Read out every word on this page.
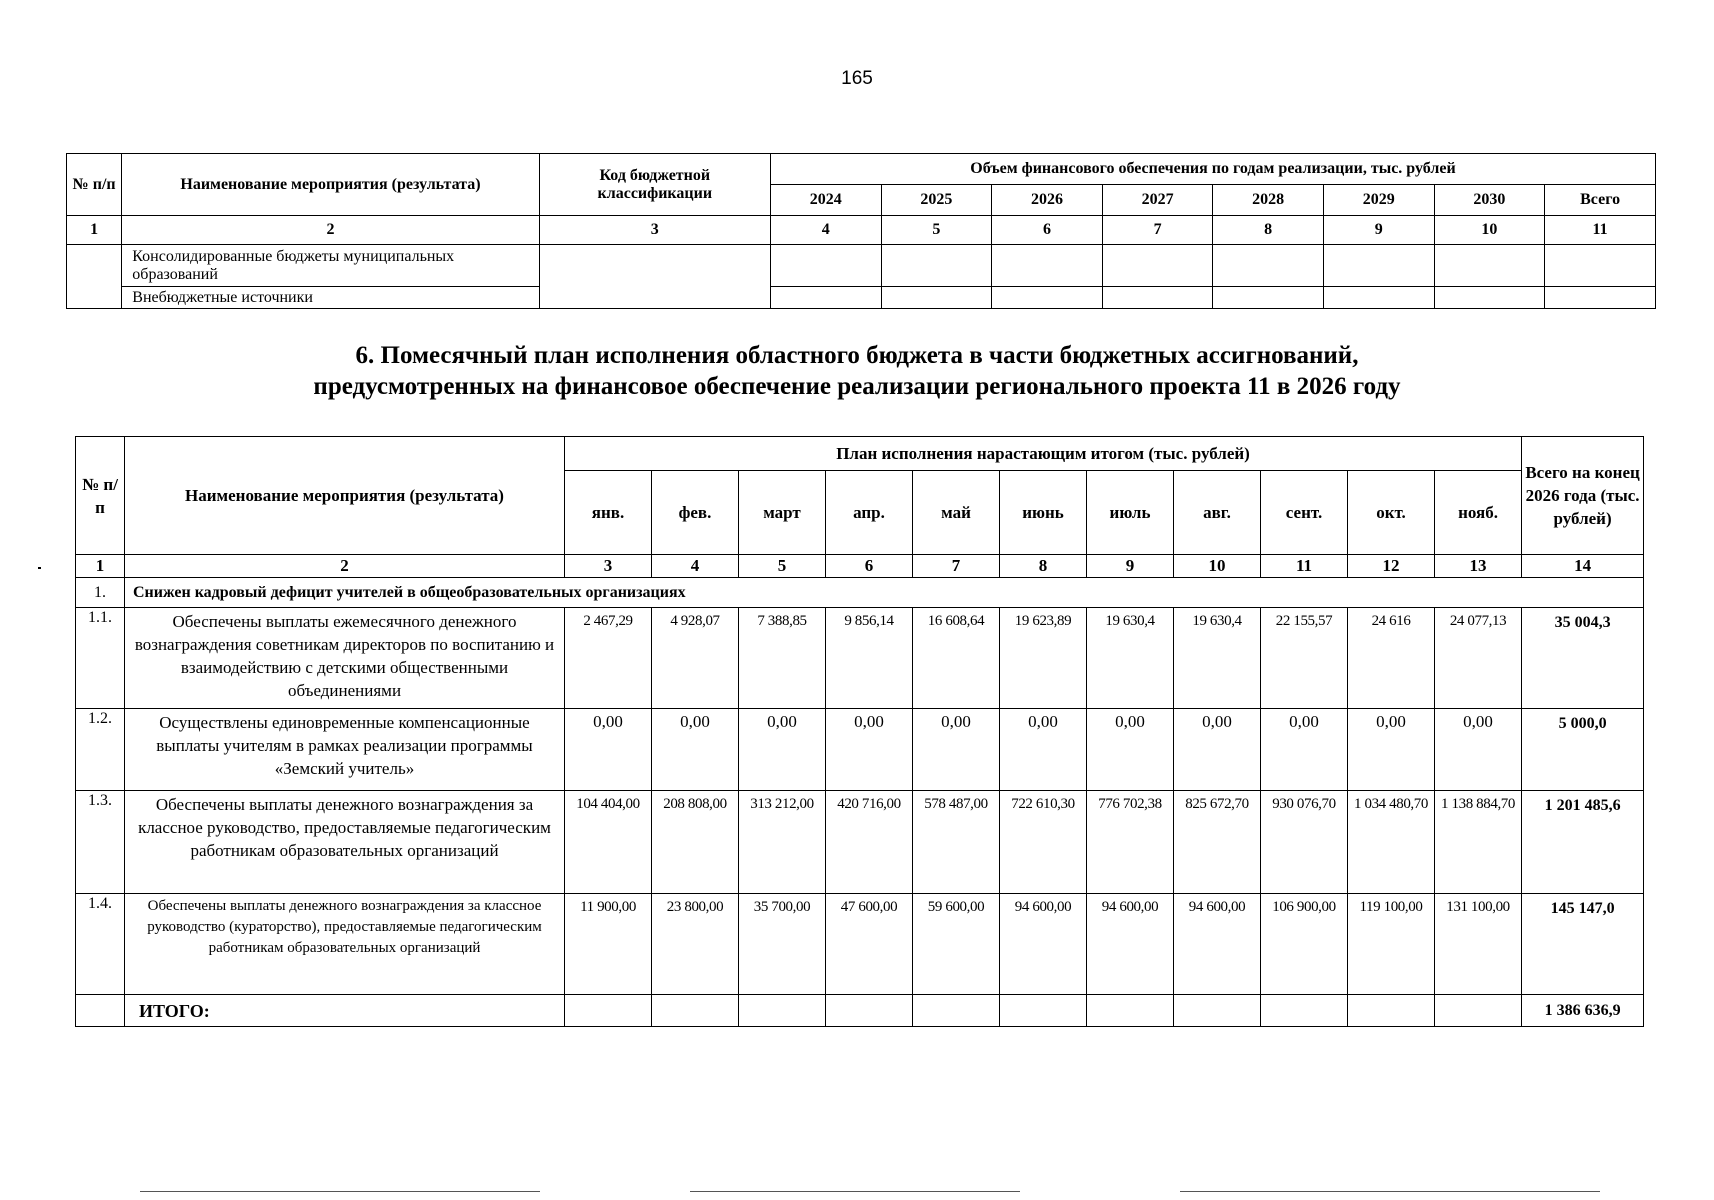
165
№ п/п	Наименование мероприятия (результата)	Код бюджетной классификации	Объем финансового обеспечения по годам реализации, тыс. рублей							
			2024	2025	2026	2027	2028	2029	2030	Всего
1	2	3	4	5	6	7	8	9	10	11
	Консолидированные бюджеты муниципальных образований									
	Внебюджетные источники									
6. Помесячный план исполнения областного бюджета в части бюджетных ассигнований,
предусмотренных на финансовое обеспечение реализации регионального проекта 11 в 2026 году
№ п/п	Наименование мероприятия (результата)	План исполнения нарастающим итогом (тыс. рублей)											Всего на конец 2026 года (тыс. рублей)
		янв.	фев.	март	апр.	май	июнь	июль	авг.	сент.	окт.	нояб.	
1	2	3	4	5	6	7	8	9	10	11	12	13	14
1.	Снижен кадровый дефицит учителей в общеобразовательных организациях												
1.1.	Обеспечены выплаты ежемесячного денежного вознаграждения советникам директоров по воспитанию и взаимодействию с детскими общественными объединениями	2 467,29	4 928,07	7 388,85	9 856,14	16 608,64	19 623,89	19 630,4	19 630,4	22 155,57	24 616	24 077,13	35 004,3
1.2.	Осуществлены единовременные компенсационные выплаты учителям в рамках реализации программы «Земский учитель»	0,00	0,00	0,00	0,00	0,00	0,00	0,00	0,00	0,00	0,00	0,00	5 000,0
1.3.	Обеспечены выплаты денежного вознаграждения за классное руководство, предоставляемые педагогическим работникам образовательных организаций	104 404,00	208 808,00	313 212,00	420 716,00	578 487,00	722 610,30	776 702,38	825 672,70	930 076,70	1 034 480,70	1 138 884,70	1 201 485,6
1.4.	Обеспечены выплаты денежного вознаграждения за классное руководство (кураторство), предоставляемые педагогическим работникам образовательных организаций	11 900,00	23 800,00	35 700,00	47 600,00	59 600,00	94 600,00	94 600,00	94 600,00	106 900,00	119 100,00	131 100,00	145 147,0
	ИТОГО:												1 386 636,9
